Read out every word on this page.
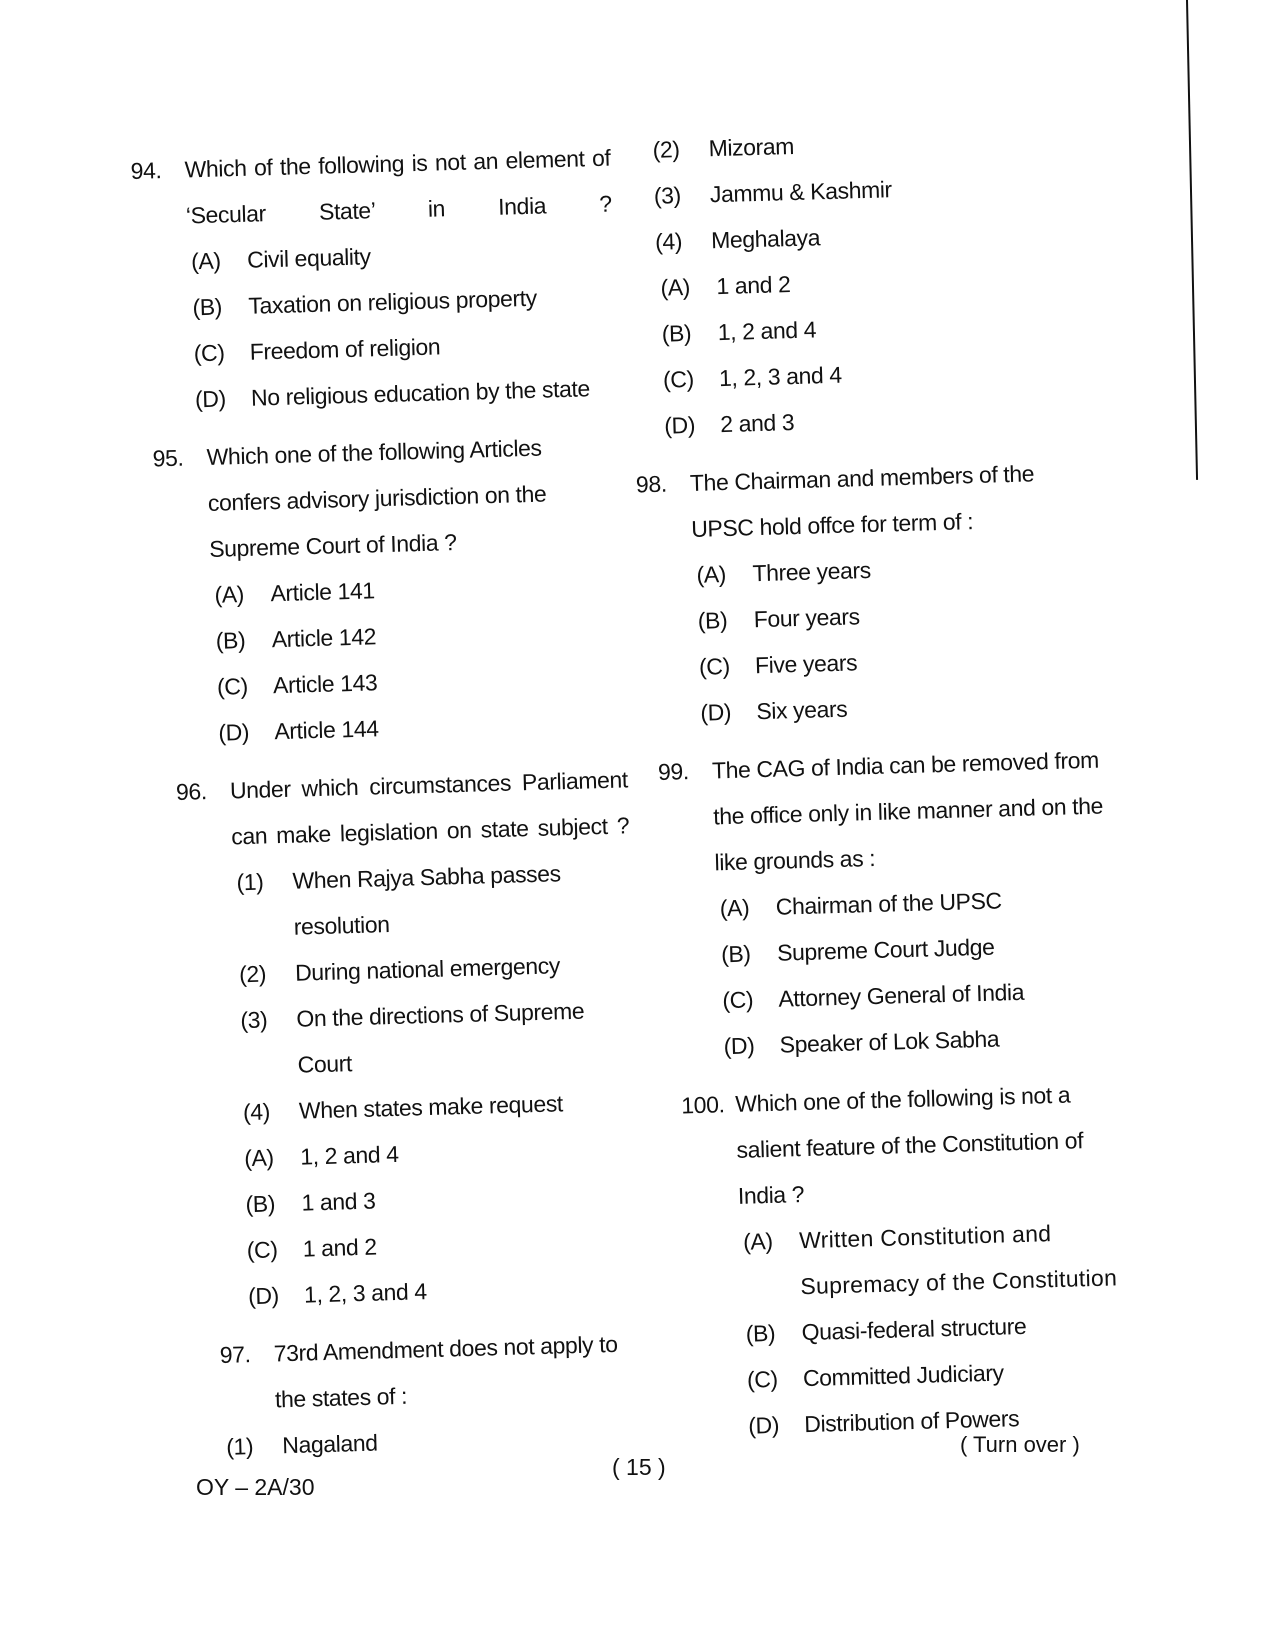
94. Which of the following is not an element of ‘Secular State’ in India ?
(A)	Civil equality
(B)	Taxation on religious property
(C)	Freedom of religion
(D)	No religious education by the state
95. Which one of the following Articles confers advisory jurisdiction on the Supreme Court of India ?
(A)	Article 141
(B)	Article 142
(C)	Article 143
(D)	Article 144
96. Under which circumstances Parliament can make legislation on state subject ?
(1)	When Rajya Sabha passes resolution
(2)	During national emergency
(3)	On the directions of Supreme Court
(4)	When states make request
(A)	1, 2 and 4
(B)	1 and 3
(C)	1 and 2
(D)	1, 2, 3 and 4
97. 73rd Amendment does not apply to the states of :
(1)	Nagaland
(2)	Mizoram
(3)	Jammu & Kashmir
(4)	Meghalaya
(A)	1 and 2
(B)	1, 2 and 4
(C)	1, 2, 3 and 4
(D)	2 and 3
98. The Chairman and members of the UPSC hold offce for term of :
(A)	Three years
(B)	Four years
(C)	Five years
(D)	Six years
99. The CAG of India can be removed from the office only in like manner and on the like grounds as :
(A)	Chairman of the UPSC
(B)	Supreme Court Judge
(C)	Attorney General of India
(D)	Speaker of Lok Sabha
100. Which one of the following is not a salient feature of the Constitution of India ?
(A)	Written Constitution and Supremacy of the Constitution
(B)	Quasi-federal structure
(C)	Committed Judiciary
(D)	Distribution of Powers
( Turn over )
( 15 )
OY – 2A/30
